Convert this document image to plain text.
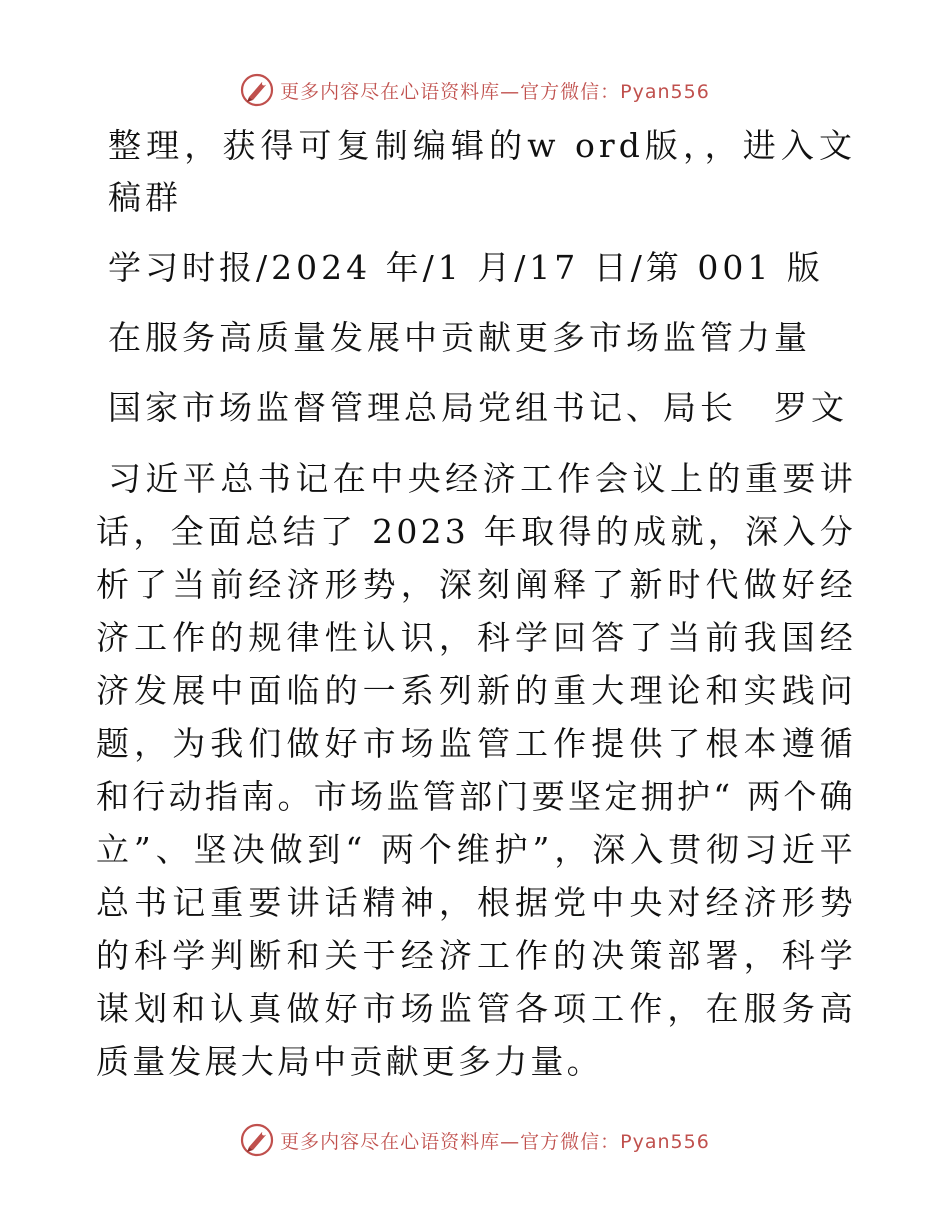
更多内容尽在心语资料库—官方微信：Pyan556

整理，获得可复制编辑的w ord版，，进入文稿群

学习时报/2024 年/1 月/17 日/第 001 版
在服务高质量发展中贡献更多市场监管力量
国家市场监督管理总局党组书记、局长　罗文

习近平总书记在中央经济工作会议上的重要讲话，全面总结了 2023 年取得的成就，深入分析了当前经济形势，深刻阐释了新时代做好经济工作的规律性认识，科学回答了当前我国经济发展中面临的一系列新的重大理论和实践问题，为我们做好市场监管工作提供了根本遵循和行动指南。市场监管部门要坚定拥护“ 两个确立”、坚决做到“ 两个维护”，深入贯彻习近平总书记重要讲话精神，根据党中央对经济形势的科学判断和关于经济工作的决策部署，科学谋划和认真做好市场监管各项工作，在服务高质量发展大局中贡献更多力量。

更多内容尽在心语资料库—官方微信：Pyan556
